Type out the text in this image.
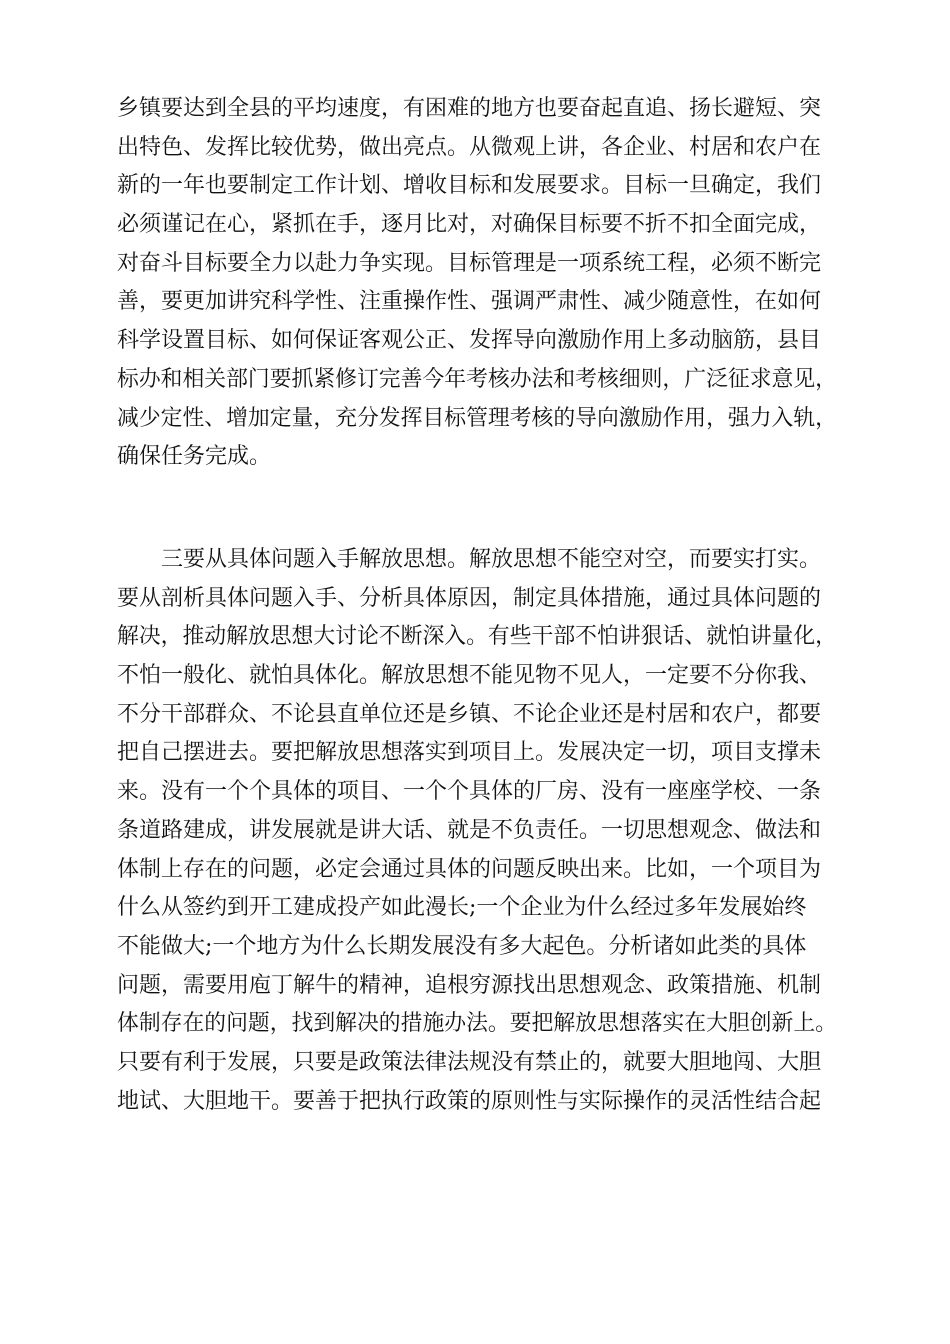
乡镇要达到全县的平均速度，有困难的地方也要奋起直追、扬长避短、突
出特色、发挥比较优势，做出亮点。从微观上讲，各企业、村居和农户在
新的一年也要制定工作计划、增收目标和发展要求。目标一旦确定，我们
必须谨记在心，紧抓在手，逐月比对，对确保目标要不折不扣全面完成，
对奋斗目标要全力以赴力争实现。目标管理是一项系统工程，必须不断完
善，要更加讲究科学性、注重操作性、强调严肃性、减少随意性，在如何
科学设置目标、如何保证客观公正、发挥导向激励作用上多动脑筋，县目
标办和相关部门要抓紧修订完善今年考核办法和考核细则，广泛征求意见，
减少定性、增加定量，充分发挥目标管理考核的导向激励作用，强力入轨，
确保任务完成。
　　三要从具体问题入手解放思想。解放思想不能空对空，而要实打实。
要从剖析具体问题入手、分析具体原因，制定具体措施，通过具体问题的
解决，推动解放思想大讨论不断深入。有些干部不怕讲狠话、就怕讲量化，
不怕一般化、就怕具体化。解放思想不能见物不见人，一定要不分你我、
不分干部群众、不论县直单位还是乡镇、不论企业还是村居和农户，都要
把自己摆进去。要把解放思想落实到项目上。发展决定一切，项目支撑未
来。没有一个个具体的项目、一个个具体的厂房、没有一座座学校、一条
条道路建成，讲发展就是讲大话、就是不负责任。一切思想观念、做法和
体制上存在的问题，必定会通过具体的问题反映出来。比如，一个项目为
什么从签约到开工建成投产如此漫长;一个企业为什么经过多年发展始终
不能做大;一个地方为什么长期发展没有多大起色。分析诸如此类的具体
问题，需要用庖丁解牛的精神，追根穷源找出思想观念、政策措施、机制
体制存在的问题，找到解决的措施办法。要把解放思想落实在大胆创新上。
只要有利于发展，只要是政策法律法规没有禁止的，就要大胆地闯、大胆
地试、大胆地干。要善于把执行政策的原则性与实际操作的灵活性结合起
